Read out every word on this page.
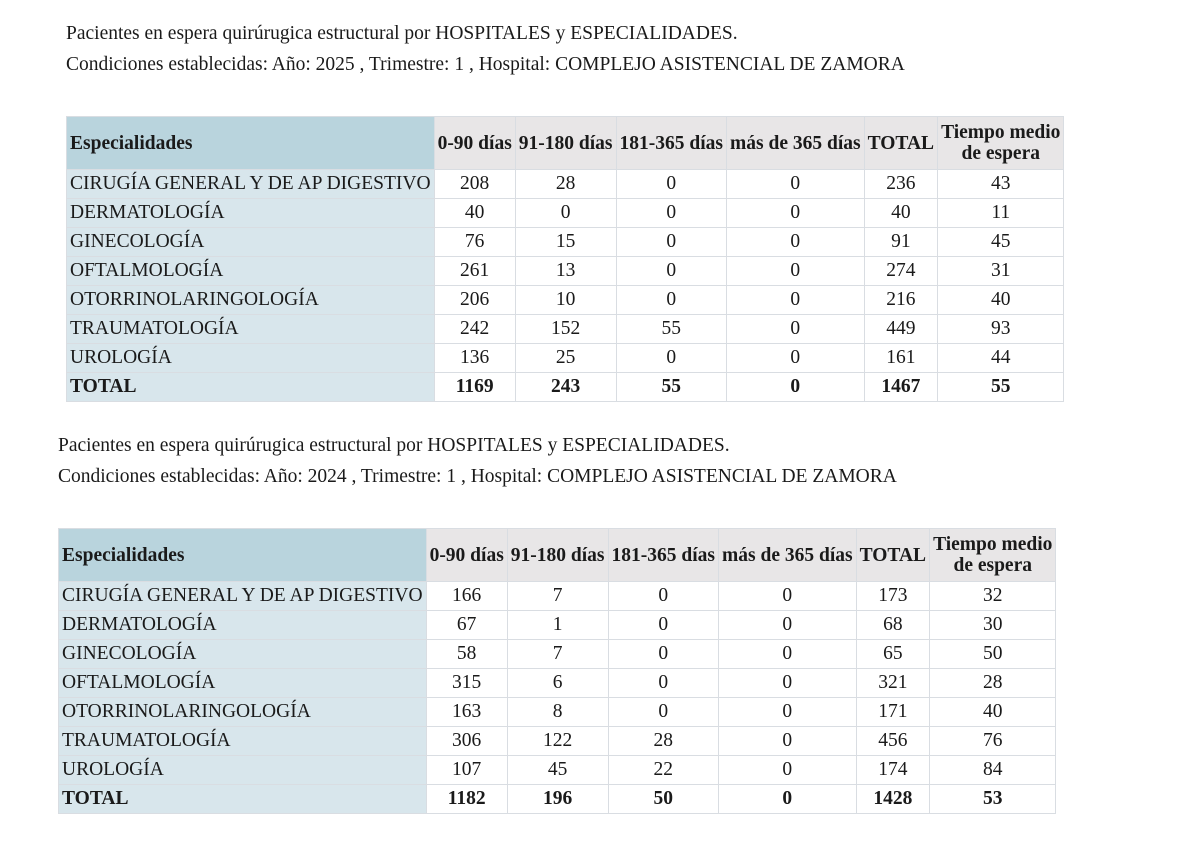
Pacientes en espera quirúrugica estructural por HOSPITALES y ESPECIALIDADES.

Condiciones establecidas: Año: 2025 , Trimestre: 1 , Hospital: COMPLEJO ASISTENCIAL DE ZAMORA

Especialidades	0-90 días	91-180 días	181-365 días	más de 365 días	TOTAL	Tiempo medio
de espera
CIRUGÍA GENERAL Y DE AP DIGESTIVO	208	28	0	0	236	43
DERMATOLOGÍA	40	0	0	0	40	11
GINECOLOGÍA	76	15	0	0	91	45
OFTALMOLOGÍA	261	13	0	0	274	31
OTORRINOLARINGOLOGÍA	206	10	0	0	216	40
TRAUMATOLOGÍA	242	152	55	0	449	93
UROLOGÍA	136	25	0	0	161	44
TOTAL	1169	243	55	0	1467	55

Pacientes en espera quirúrugica estructural por HOSPITALES y ESPECIALIDADES.

Condiciones establecidas: Año: 2024 , Trimestre: 1 , Hospital: COMPLEJO ASISTENCIAL DE ZAMORA

Especialidades	0-90 días	91-180 días	181-365 días	más de 365 días	TOTAL	Tiempo medio
de espera
CIRUGÍA GENERAL Y DE AP DIGESTIVO	166	7	0	0	173	32
DERMATOLOGÍA	67	1	0	0	68	30
GINECOLOGÍA	58	7	0	0	65	50
OFTALMOLOGÍA	315	6	0	0	321	28
OTORRINOLARINGOLOGÍA	163	8	0	0	171	40
TRAUMATOLOGÍA	306	122	28	0	456	76
UROLOGÍA	107	45	22	0	174	84
TOTAL	1182	196	50	0	1428	53
